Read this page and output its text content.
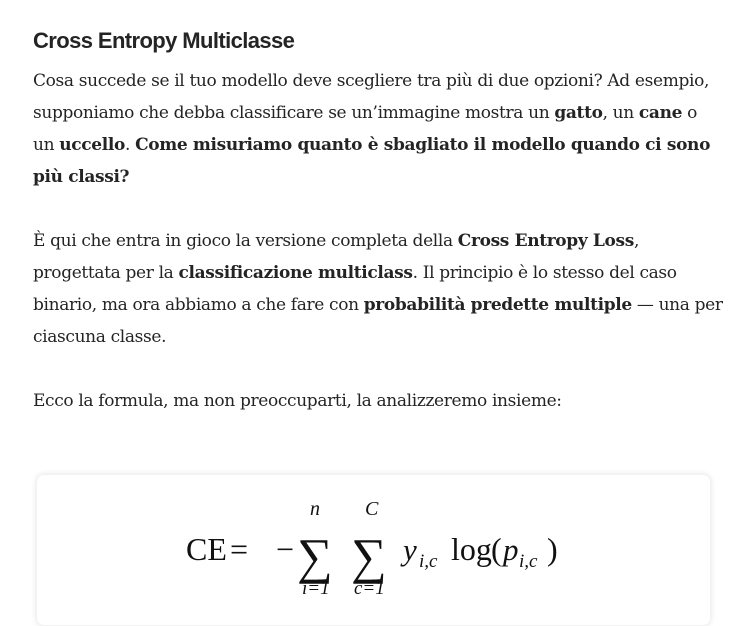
Cross Entropy Multiclasse

Cosa succede se il tuo modello deve scegliere tra più di due opzioni? Ad esempio, supponiamo che debba classificare se un’immagine mostra un gatto, un cane o un uccello. Come misuriamo quanto è sbagliato il modello quando ci sono più classi?

È qui che entra in gioco la versione completa della Cross Entropy Loss, progettata per la classificazione multiclass. Il principio è lo stesso del caso binario, ma ora abbiamo a che fare con probabilità predette multiple — una per ciascuna classe.

Ecco la formula, ma non preoccuparti, la analizzeremo insieme:

CE = −
n
∑
i=1
C
∑
c=1
y i,c log ( p i,c )
